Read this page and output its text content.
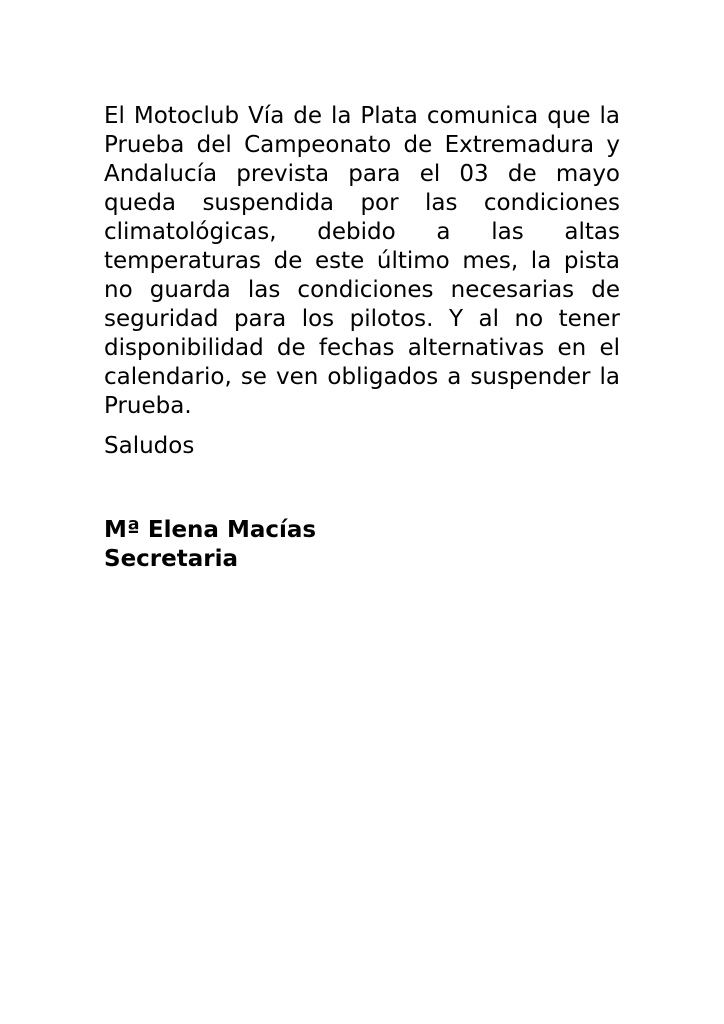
El Motoclub Vía de la Plata comunica que la Prueba del Campeonato de Extremadura y Andalucía prevista para el 03 de mayo queda suspendida por las condiciones climatológicas, debido a las altas temperaturas de este último mes, la pista no guarda las condiciones necesarias de seguridad para los pilotos. Y al no tener disponibilidad de fechas alternativas en el calendario, se ven obligados a suspender la Prueba.

Saludos

Mª Elena Macías
Secretaria
